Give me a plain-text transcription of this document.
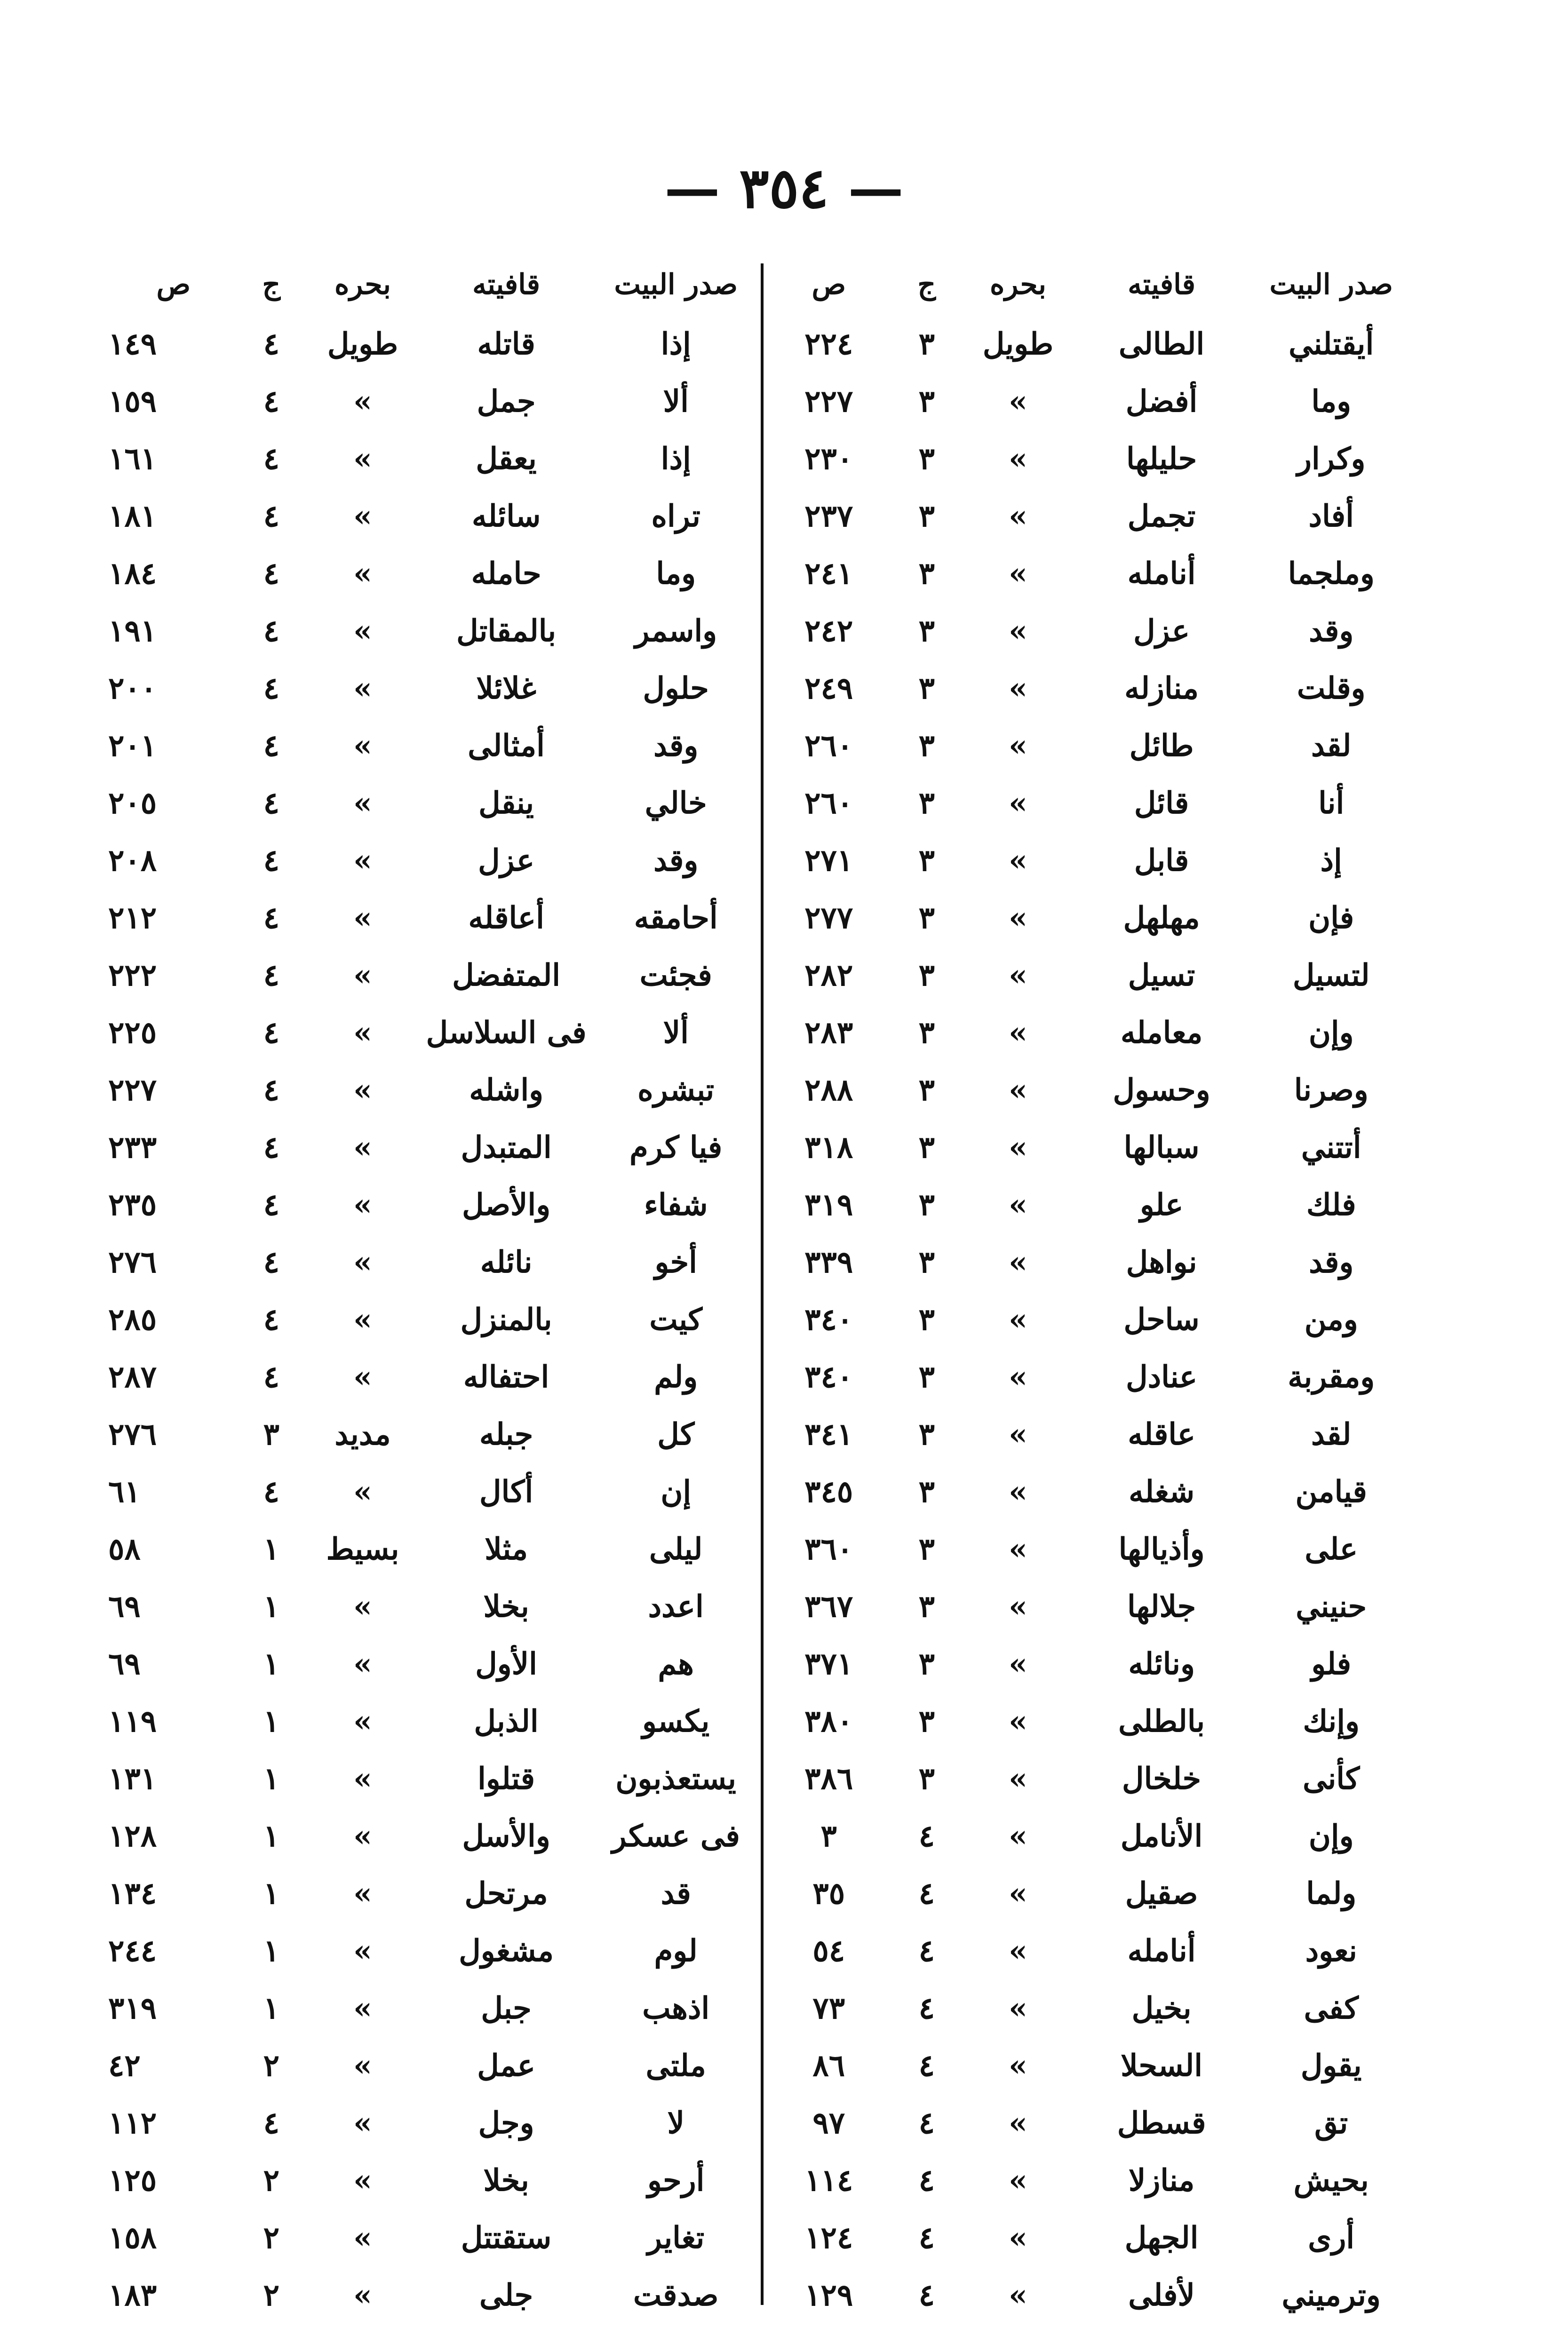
— ٣٥٤ —
صدر البيت	قافيته	بحره	ج	ص
أيقتلني	الطالى	طويل	٣	٢٢٤
وما	أفضل	»	٣	٢٢٧
وكرار	حليلها	»	٣	٢٣٠
أفاد	تجمل	»	٣	٢٣٧
وملجما	أنامله	»	٣	٢٤١
وقد	عزل	»	٣	٢٤٢
وقلت	منازله	»	٣	٢٤٩
لقد	طائل	»	٣	٢٦٠
أنا	قائل	»	٣	٢٦٠
إذ	قابل	»	٣	٢٧١
فإن	مهلهل	»	٣	٢٧٧
لتسيل	تسيل	»	٣	٢٨٢
وإن	معامله	»	٣	٢٨٣
وصرنا	وحسول	»	٣	٢٨٨
أتتني	سبالها	»	٣	٣١٨
فلك	علو	»	٣	٣١٩
وقد	نواهل	»	٣	٣٣٩
ومن	ساحل	»	٣	٣٤٠
ومقربة	عنادل	»	٣	٣٤٠
لقد	عاقله	»	٣	٣٤١
قيامن	شغله	»	٣	٣٤٥
على	وأذيالها	»	٣	٣٦٠
حنيني	جلالها	»	٣	٣٦٧
فلو	ونائله	»	٣	٣٧١
وإنك	بالطلى	»	٣	٣٨٠
كأنى	خلخال	»	٣	٣٨٦
وإن	الأنامل	»	٤	٣
ولما	صقيل	»	٤	٣٥
نعود	أنامله	»	٤	٥٤
كفى	بخيل	»	٤	٧٣
يقول	السحلا	»	٤	٨٦
تق	قسطل	»	٤	٩٧
بحيش	منازلا	»	٤	١١٤
أرى	الجهل	»	٤	١٢٤
وترميني	لأفلى	»	٤	١٢٩
صدر البيت	قافيته	بحره	ج	ص
إذا	قاتله	طويل	٤	١٤٩
ألا	جمل	»	٤	١٥٩
إذا	يعقل	»	٤	١٦١
تراه	سائله	»	٤	١٨١
وما	حامله	»	٤	١٨٤
واسمر	بالمقاتل	»	٤	١٩١
حلول	غلائلا	»	٤	٢٠٠
وقد	أمثالى	»	٤	٢٠١
خالي	ينقل	»	٤	٢٠٥
وقد	عزل	»	٤	٢٠٨
أحامقه	أعاقله	»	٤	٢١٢
فجئت	المتفضل	»	٤	٢٢٢
ألا	فى السلاسل	»	٤	٢٢٥
تبشره	واشله	»	٤	٢٢٧
فيا كرم	المتبدل	»	٤	٢٣٣
شفاء	والأصل	»	٤	٢٣٥
أخو	نائله	»	٤	٢٧٦
كيت	بالمنزل	»	٤	٢٨٥
ولم	احتفاله	»	٤	٢٨٧
كل	جبله	مديد	٣	٢٧٦
إن	أكال	»	٤	٦١
ليلى	مثلا	بسيط	١	٥٨
اعدد	بخلا	»	١	٦٩
هم	الأول	»	١	٦٩
يكسو	الذبل	»	١	١١٩
يستعذبون	قتلوا	»	١	١٣١
فى عسكر	والأسل	»	١	١٢٨
قد	مرتحل	»	١	١٣٤
لوم	مشغول	»	١	٢٤٤
اذهب	جبل	»	١	٣١٩
ملتى	عمل	»	٢	٤٢
لا	وجل	»	٤	١١٢
أرحو	بخلا	»	٢	١٢٥
تغاير	ستقتتل	»	٢	١٥٨
صدقت	جلى	»	٢	١٨٣
